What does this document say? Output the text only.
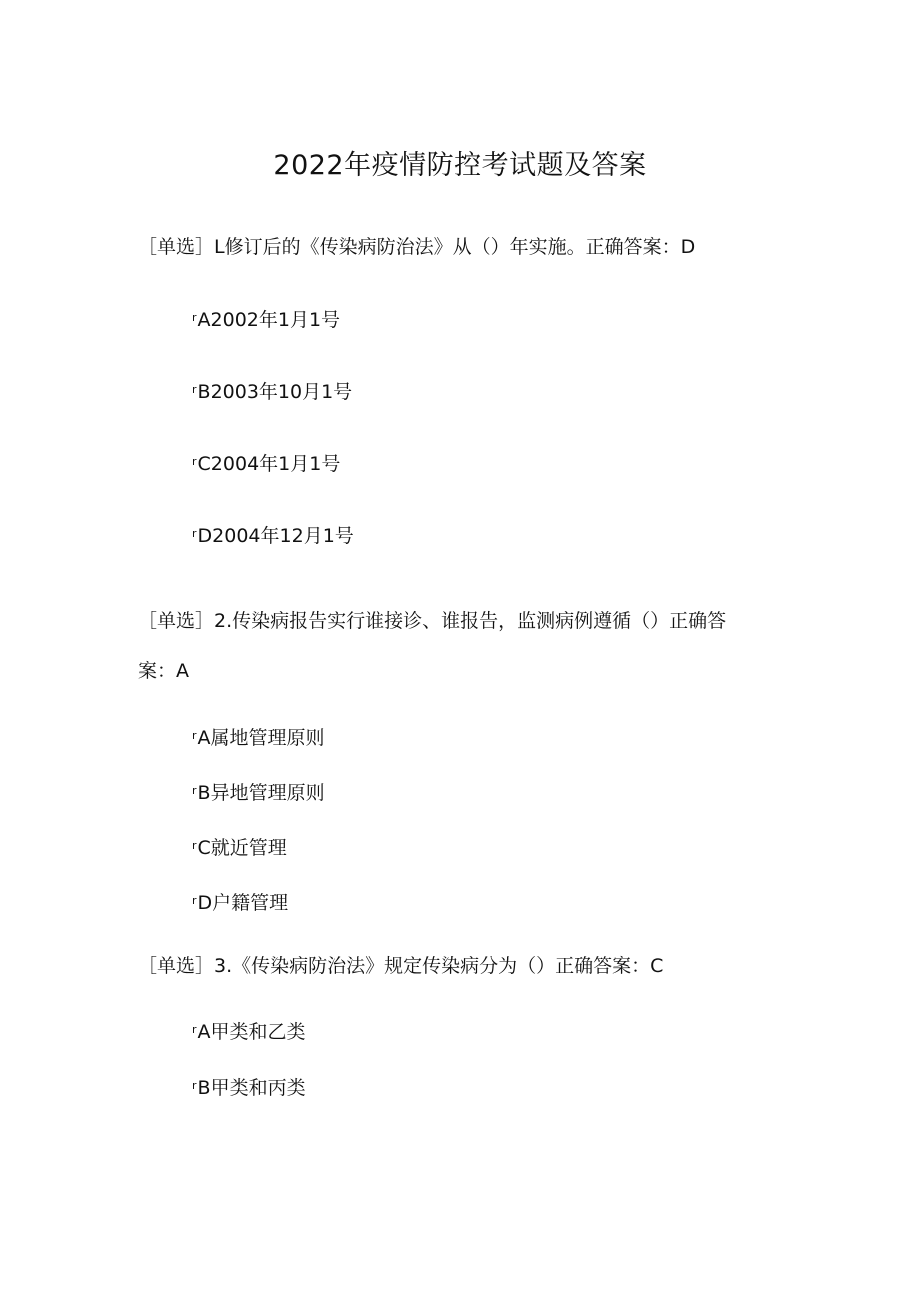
2022年疫情防控考试题及答案
［单选］L修订后的《传染病防治法》从（）年实施。正确答案：D
$^r$A2002年1月1号
$^r$B2003年10月1号
$^r$C2004年1月1号
$^r$D2004年12月1号
［单选］2.传染病报告实行谁接诊、谁报告，监测病例遵循（）正确答
案：A
$^r$A属地管理原则
$^r$B异地管理原则
$^r$C就近管理
$^r$D户籍管理
［单选］3.《传染病防治法》规定传染病分为（）正确答案：C
$^r$A甲类和乙类
$^r$B甲类和丙类
